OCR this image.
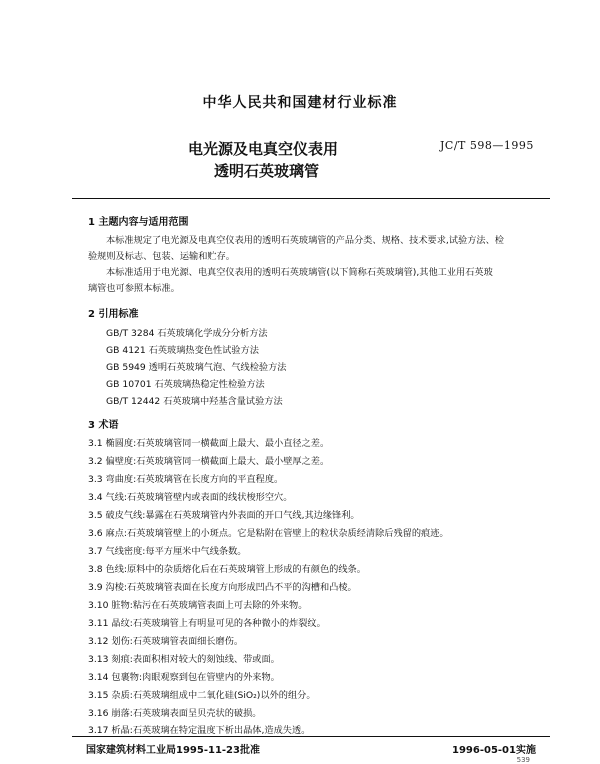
中华人民共和国建材行业标准
电光源及电真空仪表用
透明石英玻璃管
JC/T 598—1995
1 主题内容与适用范围
本标准规定了电光源及电真空仪表用的透明石英玻璃管的产品分类、规格、技术要求,试验方法、检
验规则及标志、包装、运输和贮存。
本标准适用于电光源、电真空仪表用的透明石英玻璃管(以下简称石英玻璃管),其他工业用石英玻
璃管也可参照本标准。
2 引用标准
GB/T 3284 石英玻璃化学成分分析方法
GB 4121 石英玻璃热变色性试验方法
GB 5949 透明石英玻璃气泡、气线检验方法
GB 10701 石英玻璃热稳定性检验方法
GB/T 12442 石英玻璃中羟基含量试验方法
3 术语
3.1 椭圆度:石英玻璃管同一横截面上最大、最小直径之差。
3.2 偏壁度:石英玻璃管同一横截面上最大、最小壁厚之差。
3.3 弯曲度:石英玻璃管在长度方向的平直程度。
3.4 气线:石英玻璃管壁内或表面的线状梭形空穴。
3.5 破皮气线:暴露在石英玻璃管内外表面的开口气线,其边缘锋利。
3.6 麻点:石英玻璃管壁上的小斑点。它是粘附在管壁上的粒状杂质经清除后残留的痕迹。
3.7 气线密度:每平方厘米中气线条数。
3.8 色线:原料中的杂质熔化后在石英玻璃管上形成的有颜色的线条。
3.9 沟棱:石英玻璃管表面在长度方向形成凹凸不平的沟槽和凸棱。
3.10 脏物:粘污在石英玻璃管表面上可去除的外来物。
3.11 晶纹:石英玻璃管上有明显可见的各种微小的炸裂纹。
3.12 划伤:石英玻璃管表面细长磨伤。
3.13 刻痕:表面积相对较大的刻蚀线、带或面。
3.14 包裹物:肉眼观察到包在管壁内的外来物。
3.15 杂质:石英玻璃组成中二氧化硅(SiO₂)以外的组分。
3.16 崩落:石英玻璃表面呈贝壳状的破损。
3.17 析晶:石英玻璃在特定温度下析出晶体,造成失透。
国家建筑材料工业局1995-11-23批准	1996-05-01实施
539
